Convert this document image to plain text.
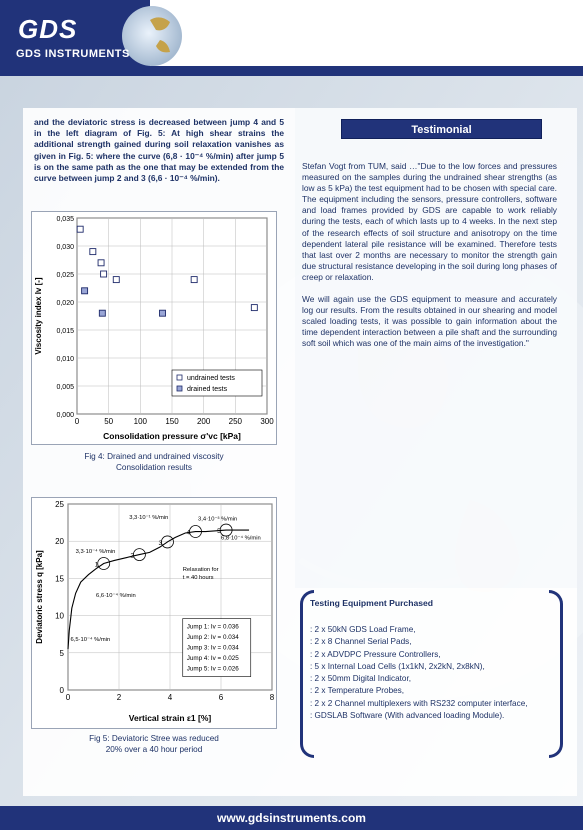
GDS
GDS INSTRUMENTS
and the deviatoric stress is decreased between jump 4 and 5 in the left diagram of Fig. 5: At high shear strains the additional strength gained during soil relaxation vanishes as given in Fig. 5: where the curve (6,8 · 10⁻⁴ %/min) after jump 5 is on the same path as the one that may be extended from the curve between jump 2 and 3 (6,6 · 10⁻⁴ %/min).
0	50	100 150 200 250 300
0,000
0,005
0,010
0,015
0,020
0,025
0,030
0,035
Consolidation pressure σ'vc [kPa]
Viscosity index Iv [-]
undrained tests
drained tests
Fig 4: Drained and undrained viscosity
Consolidation results
0	2	4	6	8
0
5
10
15
20
25
Vertical strain ε1 [%]
Deviatoric stress q [kPa]	1
2
3
4	5
3,3·10⁻⁴ %/min
3,3·10⁻¹ %/min	3,4·10⁻³ %/min
6,6·10⁻⁴ %/min
6,8·10⁻⁴ %/min
6,5·10⁻⁴ %/min
Relaxation for
t = 40 hours
Jump 1: Iv = 0.036
Jump 2: Iv = 0.034
Jump 3: Iv = 0.034
Jump 4: Iv = 0.025
Jump 5: Iv = 0.026
Fig 5: Deviatoric Stree was reduced
20% over a 40 hour period
Testimonial

Stefan Vogt from TUM, said …"Due to the low forces and pressures measured on the samples during the undrained shear strengths (as low as 5 kPa) the test equipment had to be chosen with special care. The equipment including the sensors, pressure controllers, software and load frames provided by GDS are capable to work reliably during the tests, each of which lasts up to 4 weeks. In the next step of the research effects of soil structure and anisotropy on the time dependent lateral pile resistance will be examined. Therefore tests that last over 2 months are necessary to monitor the strength gain due structural resistance developing in the soil during long phases of creep or relaxation.

We will again use the GDS equipment to measure and accurately log our results. From the results obtained in our shearing and model scaled loading tests, it was possible to gain information about the time dependent interaction between a pile shaft and the surrounding soft soil which was one of the main aims of the investigation."

Testing Equipment Purchased
: 2 x 50kN GDS Load Frame,
: 2 x 8 Channel Serial Pads,
: 2 x ADVDPC Pressure Controllers,
: 5 x Internal Load Cells (1x1kN, 2x2kN, 2x8kN),
: 2 x 50mm Digital Indicator,
: 2 x Temperature Probes,
: 2 x 2 Channel multiplexers with RS232 computer interface,
: GDSLAB Software (With advanced loading Module).
www.gdsinstruments.com
